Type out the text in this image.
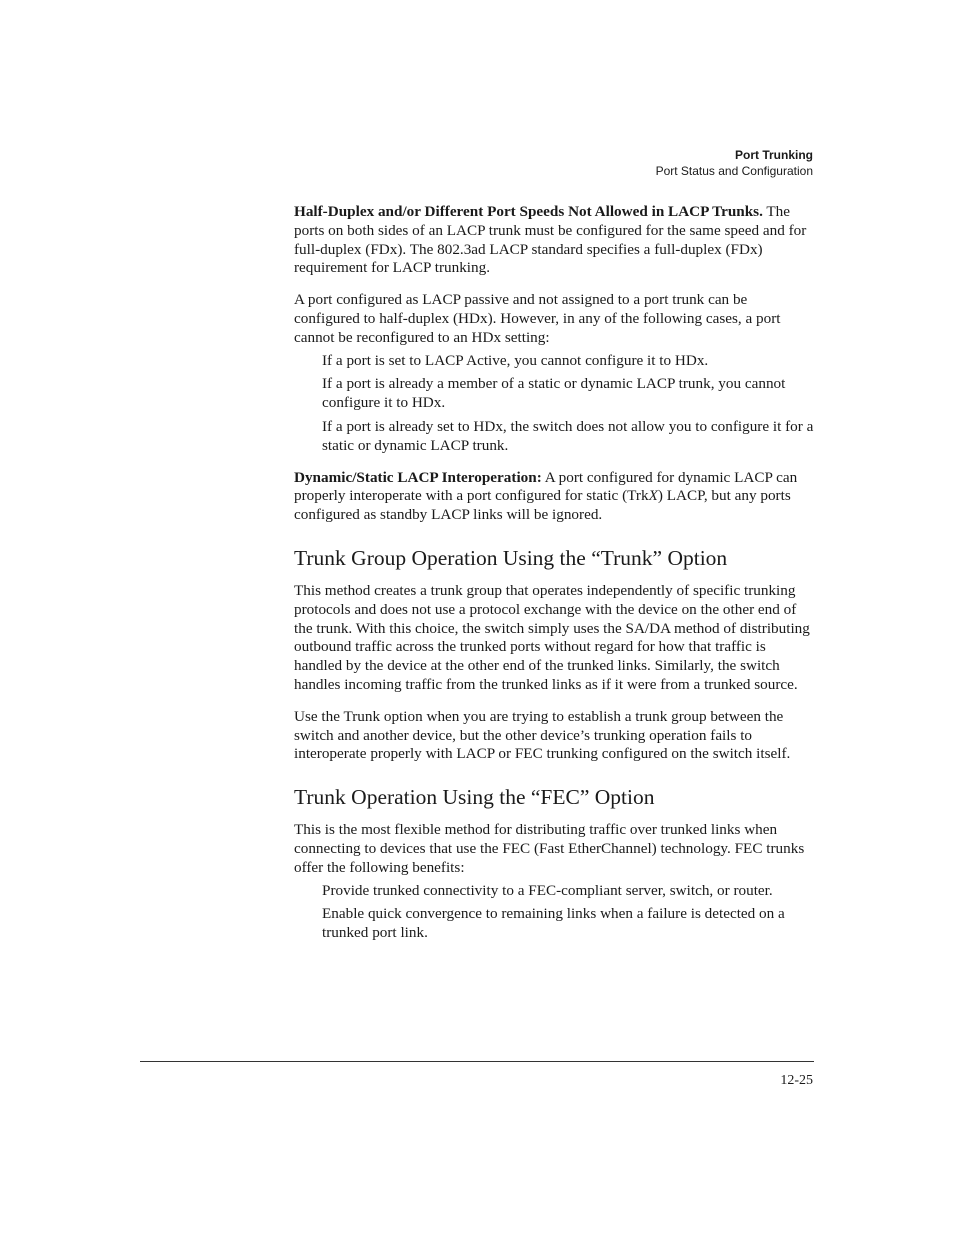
Port Trunking
Port Status and Configuration

Half-Duplex and/or Different Port Speeds Not Allowed in LACP Trunks. The ports on both sides of an LACP trunk must be configured for the same speed and for full-duplex (FDx). The 802.3ad LACP standard specifies a full-duplex (FDx) requirement for LACP trunking.

A port configured as LACP passive and not assigned to a port trunk can be configured to half-duplex (HDx). However, in any of the following cases, a port cannot be reconfigured to an HDx setting:

If a port is set to LACP Active, you cannot configure it to HDx.
If a port is already a member of a static or dynamic LACP trunk, you cannot configure it to HDx.
If a port is already set to HDx, the switch does not allow you to configure it for a static or dynamic LACP trunk.

Dynamic/Static LACP Interoperation: A port configured for dynamic LACP can properly interoperate with a port configured for static (TrkX) LACP, but any ports configured as standby LACP links will be ignored.

Trunk Group Operation Using the “Trunk” Option

This method creates a trunk group that operates independently of specific trunking protocols and does not use a protocol exchange with the device on the other end of the trunk. With this choice, the switch simply uses the SA/DA method of distributing outbound traffic across the trunked ports without regard for how that traffic is handled by the device at the other end of the trunked links. Similarly, the switch handles incoming traffic from the trunked links as if it were from a trunked source.

Use the Trunk option when you are trying to establish a trunk group between the switch and another device, but the other device’s trunking operation fails to interoperate properly with LACP or FEC trunking configured on the switch itself.

Trunk Operation Using the “FEC” Option

This is the most flexible method for distributing traffic over trunked links when connecting to devices that use the FEC (Fast EtherChannel) technology. FEC trunks offer the following benefits:

Provide trunked connectivity to a FEC-compliant server, switch, or router.
Enable quick convergence to remaining links when a failure is detected on a trunked port link.
12-25
